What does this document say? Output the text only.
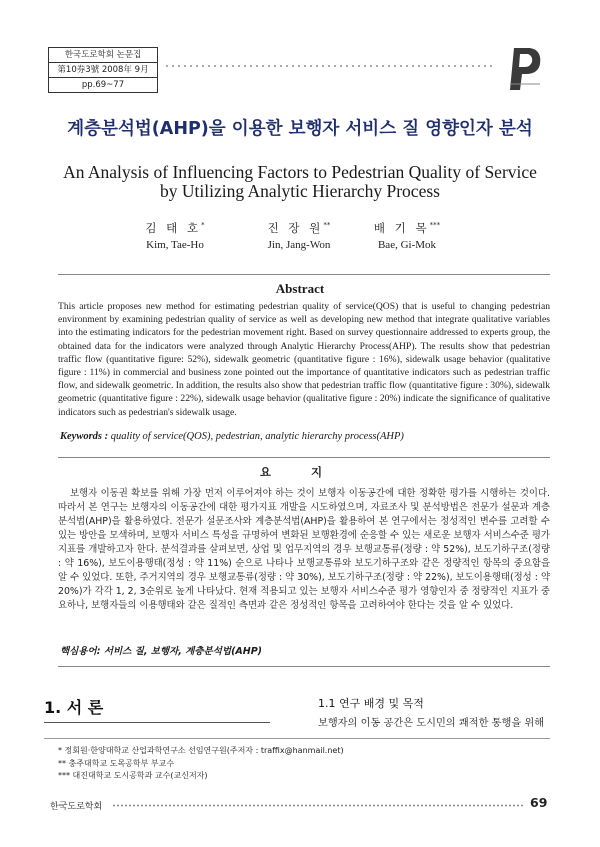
한국도로학회 논문집
第10券3號 2008年 9月
pp.69~77
계층분석법(AHP)을 이용한 보행자 서비스 질 영향인자 분석
An Analysis of Influencing Factors to Pedestrian Quality of Service
by Utilizing Analytic Hierarchy Process
김 태 호*
Kim, Tae-Ho
진 장 원**
Jin, Jang-Won
배 기 목***
Bae, Gi-Mok
Abstract

This article proposes new method for estimating pedestrian quality of service(QOS) that is useful to changing pedestrian environment by examining pedestrian quality of service as well as developing new method that integrate qualitative variables into the estimating indicators for the pedestrian movement right. Based on survey questionnaire addressed to experts group, the obtained data for the indicators were analyzed through Analytic Hierarchy Process(AHP). The results show that pedestrian traffic flow (quantitative figure: 52%), sidewalk geometric (quantitative figure : 16%), sidewalk usage behavior (qualitative figure : 11%) in commercial and business zone pointed out the importance of quantitative indicators such as pedestrian traffic flow, and sidewalk geometric. In addition, the results also show that pedestrian traffic flow (quantitative figure : 30%), sidewalk geometric (quantitative figure : 22%), sidewalk usage behavior (qualitative figure : 20%) indicate the significance of qualitative indicators such as pedestrian's sidewalk usage.

Keywords : quality of service(QOS), pedestrian, analytic hierarchy process(AHP)
요 지

보행자 이동권 확보를 위해 가장 먼저 이루어져야 하는 것이 보행자 이동공간에 대한 정확한 평가를 시행하는 것이다. 따라서 본 연구는 보행자의 이동공간에 대한 평가지표 개발을 시도하였으며, 자료조사 및 분석방법은 전문가 설문과 계층분석법(AHP)을 활용하였다. 전문가 설문조사와 계층분석법(AHP)을 활용하여 본 연구에서는 정성적인 변수를 고려할 수 있는 방안을 모색하며, 보행자 서비스 특성을 규명하여 변화된 보행환경에 순응할 수 있는 새로운 보행자 서비스수준 평가지표를 개발하고자 한다. 분석결과를 살펴보면, 상업 및 업무지역의 경우 보행교통류(정량 : 약 52%), 보도기하구조(정량 : 약 16%), 보도이용행태(정성 : 약 11%) 순으로 나타나 보행교통류와 보도기하구조와 같은 정량적인 항목의 중요함을 알 수 있었다. 또한, 주거지역의 경우 보행교통류(정량 : 약 30%), 보도기하구조(정량 : 약 22%), 보도이용행태(정성 : 약 20%)가 각각 1, 2, 3순위로 높게 나타났다. 현재 적용되고 있는 보행자 서비스수준 평가 영향인자 중 정량적인 지표가 중요하나, 보행자들의 이용행태와 같은 질적인 측면과 같은 정성적인 항목을 고려하여야 한다는 것을 알 수 있었다.

핵심용어: 서비스 질, 보행자, 계층분석법(AHP)
1. 서 론	1.1 연구 배경 및 목적
보행자의 이동 공간은 도시민의 쾌적한 통행을 위해
* 정회원·한양대학교 산업과학연구소 선임연구원(주저자 : traffix@hanmail.net)
** 충주대학교 도목공학부 부교수
*** 대진대학교 도시공학과 교수(교신저자)
한국도로학회	69
